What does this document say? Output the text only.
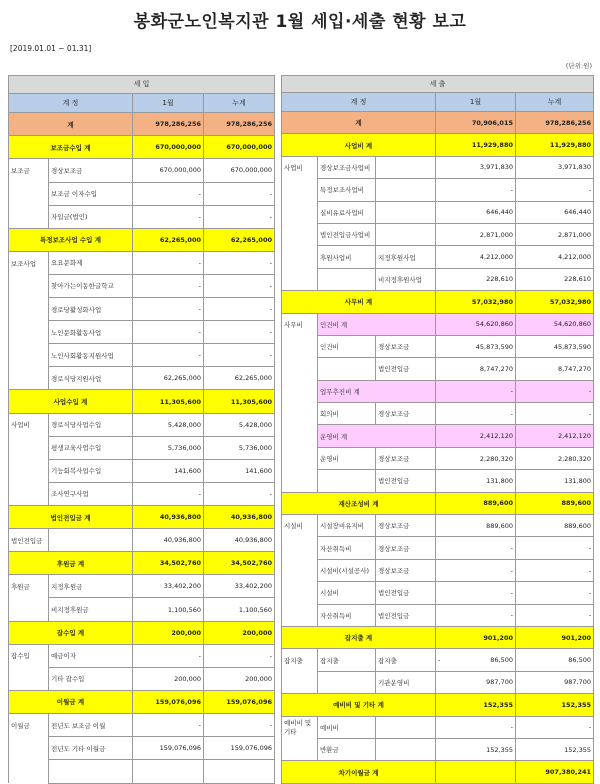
봉화군노인복지관 1월 세입·세출 현황 보고
[2019.01.01 ~ 01.31]
(단위:원)
세 입			
계 정		1월	누계
계		978,286,256	978,286,256
보조금수입 계		670,000,000	670,000,000
보조금	경상보조금	670,000,000	670,000,000
	보조금 이자수입	-	-
	자입금(법인)	-	-
특정보조사업 수입 계		62,265,000	62,265,000
보조사업	요요문화제	-	-
	찾아가는이동한글학교	-	-
	경로당활성화사업	-	-
	노인문화활동사업	-	-
	노인사회활동지원사업	-	-
	경로식당지원사업	62,265,000	62,265,000
사업수입 계		11,305,600	11,305,600
사업비	경로식당사업수입	5,428,000	5,428,000
	평생교육사업수입	5,736,000	5,736,000
	기능회복사업수입	141,600	141,600
	조사연구사업	-	-
법인전입금 계		40,936,800	40,936,800
법인전입금		40,936,800	40,936,800
후원금 계		34,502,760	34,502,760
후원금	지정후원금	33,402,200	33,402,200
	비지정후원금	1,100,560	1,100,560
잡수입 계		200,000	200,000
잡수입	예금이자	-	-
	기타 잡수입	200,000	200,000
이월금 계		159,076,096	159,076,096
이월금	전년도 보조금 이월	-	-
	전년도 기타 이월금	159,076,096	159,076,096

세 출				
계 정			1월	누계
계			70,906,015	978,286,256
사업비 계			11,929,880	11,929,880
사업비	경상보조금사업비		3,971,830	3,971,830
	특정보조사업비		-	-
	실비유료사업비		646,440	646,440
	법인전입금사업비		2,871,000	2,871,000
	후원사업비	지정후원사업	4,212,000	4,212,000
		비지정후원사업	228,610	228,610
사무비 계			57,032,980	57,032,980
사무비	인건비 계		54,620,860	54,620,860
	인건비	경상보조금	45,873,590	45,873,590
		법인전입금	8,747,270	8,747,270
	업무추진비 계		-	-
	회의비	경상보조금	-	-
	운영비 계		2,412,120	2,412,120
	운영비	경상보조금	2,280,320	2,280,320
		법인전입금	131,800	131,800
재산조성비 계			889,600	889,600
시설비	시설장비유지비	경상보조금	889,600	889,600
	자산취득비	경상보조금	-	-
	시설비(시설공사)	경상보조금	-	-
	시설비	법인전입금	-	-
	자산취득비	법인전입금	-	-
잡지출 계			901,200	901,200
잡지출	잡지출	잡지출	- 86,500	86,500
		기관운영비	987,700	987,700
예비비 및 기타 계			152,355	152,355
예비비 및기타	예비비		-	-
	반환금		152,355	152,355
차기이월금 계				907,380,241
